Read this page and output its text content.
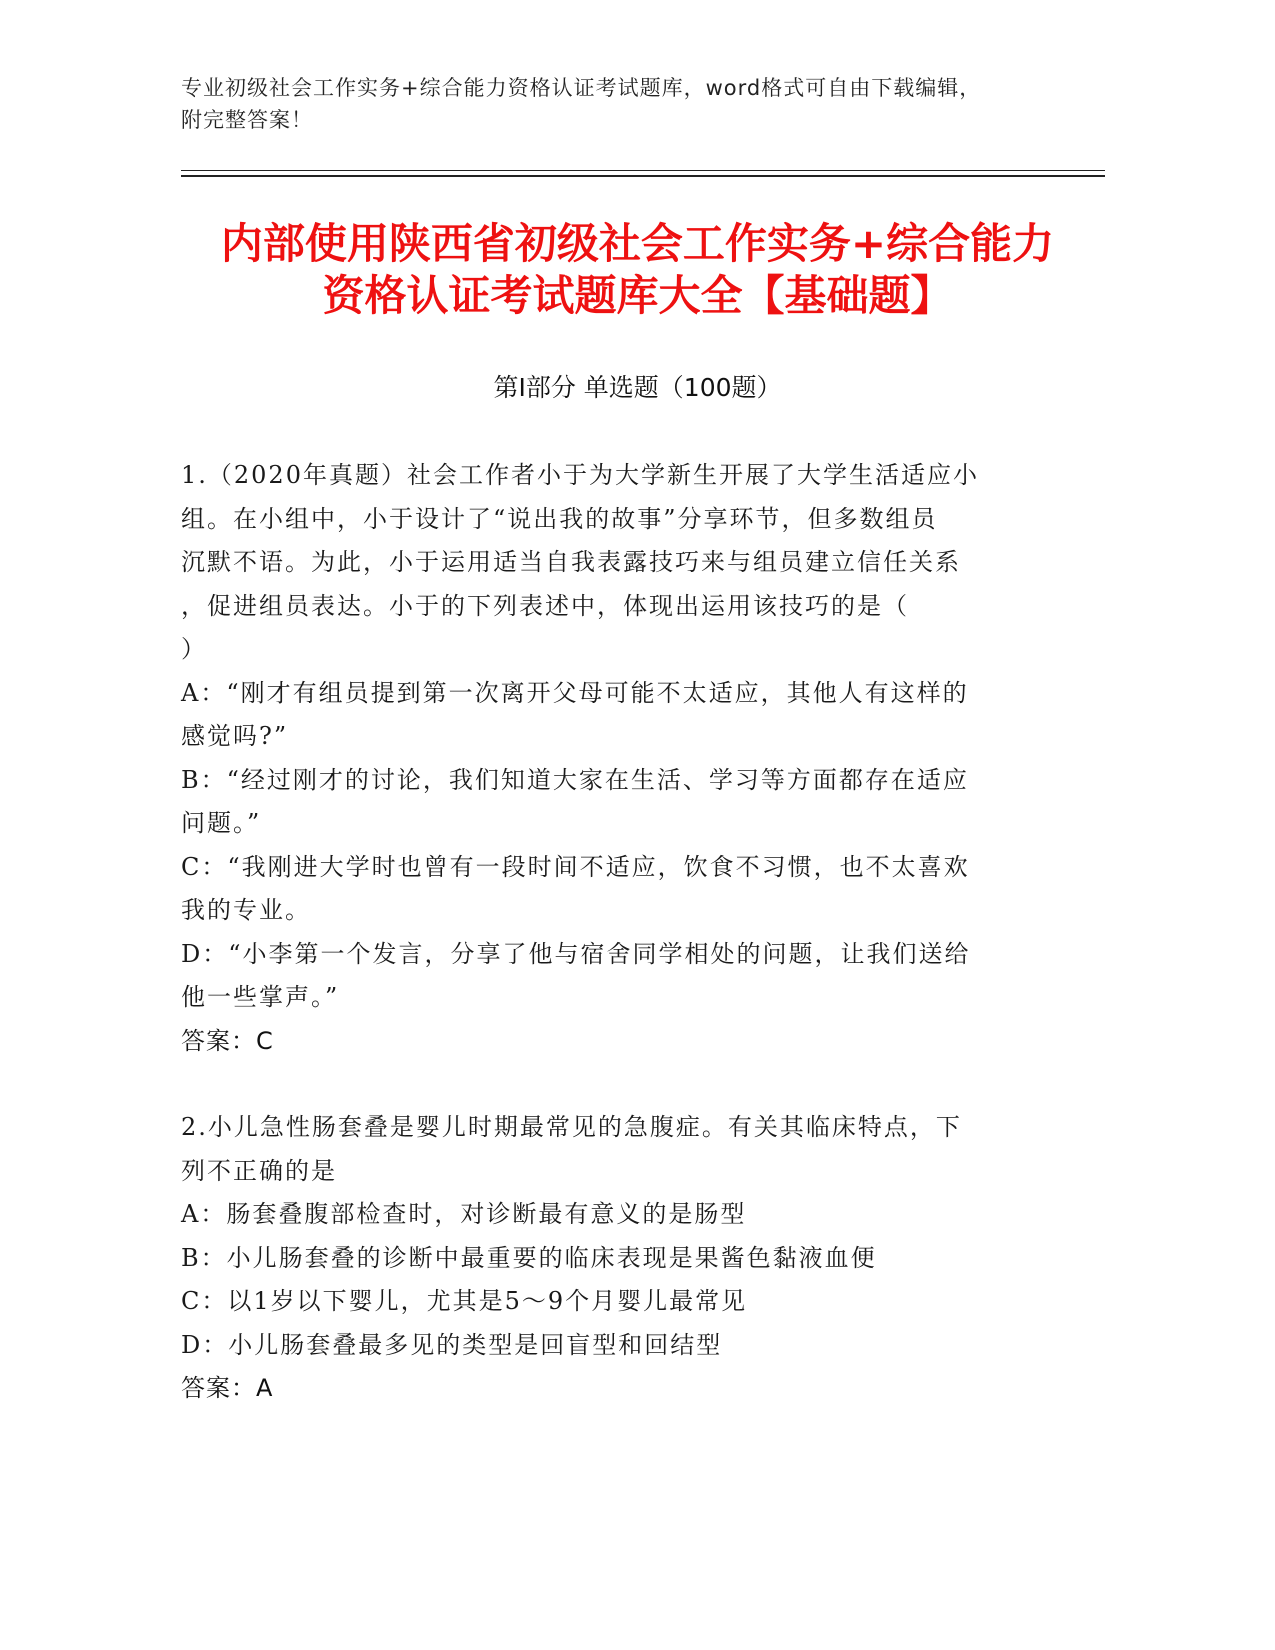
专业初级社会工作实务+综合能力资格认证考试题库，word格式可自由下载编辑，
附完整答案！
内部使用陕西省初级社会工作实务+综合能力
资格认证考试题库大全【基础题】
第I部分 单选题（100题）
1.（2020年真题）社会工作者小于为大学新生开展了大学生活适应小
组。在小组中，小于设计了“说出我的故事”分享环节，但多数组员
沉默不语。为此，小于运用适当自我表露技巧来与组员建立信任关系
，促进组员表达。小于的下列表述中，体现出运用该技巧的是（
）
A：“刚才有组员提到第一次离开父母可能不太适应，其他人有这样的
感觉吗?”
B：“经过刚才的讨论，我们知道大家在生活、学习等方面都存在适应
问题。”
C：“我刚进大学时也曾有一段时间不适应，饮食不习惯，也不太喜欢
我的专业。
D：“小李第一个发言，分享了他与宿舍同学相处的问题，让我们送给
他一些掌声。”
答案：C
2.小儿急性肠套叠是婴儿时期最常见的急腹症。有关其临床特点，下
列不正确的是
A：肠套叠腹部检查时，对诊断最有意义的是肠型
B：小儿肠套叠的诊断中最重要的临床表现是果酱色黏液血便
C：以1岁以下婴儿，尤其是5～9个月婴儿最常见
D：小儿肠套叠最多见的类型是回盲型和回结型
答案：A
